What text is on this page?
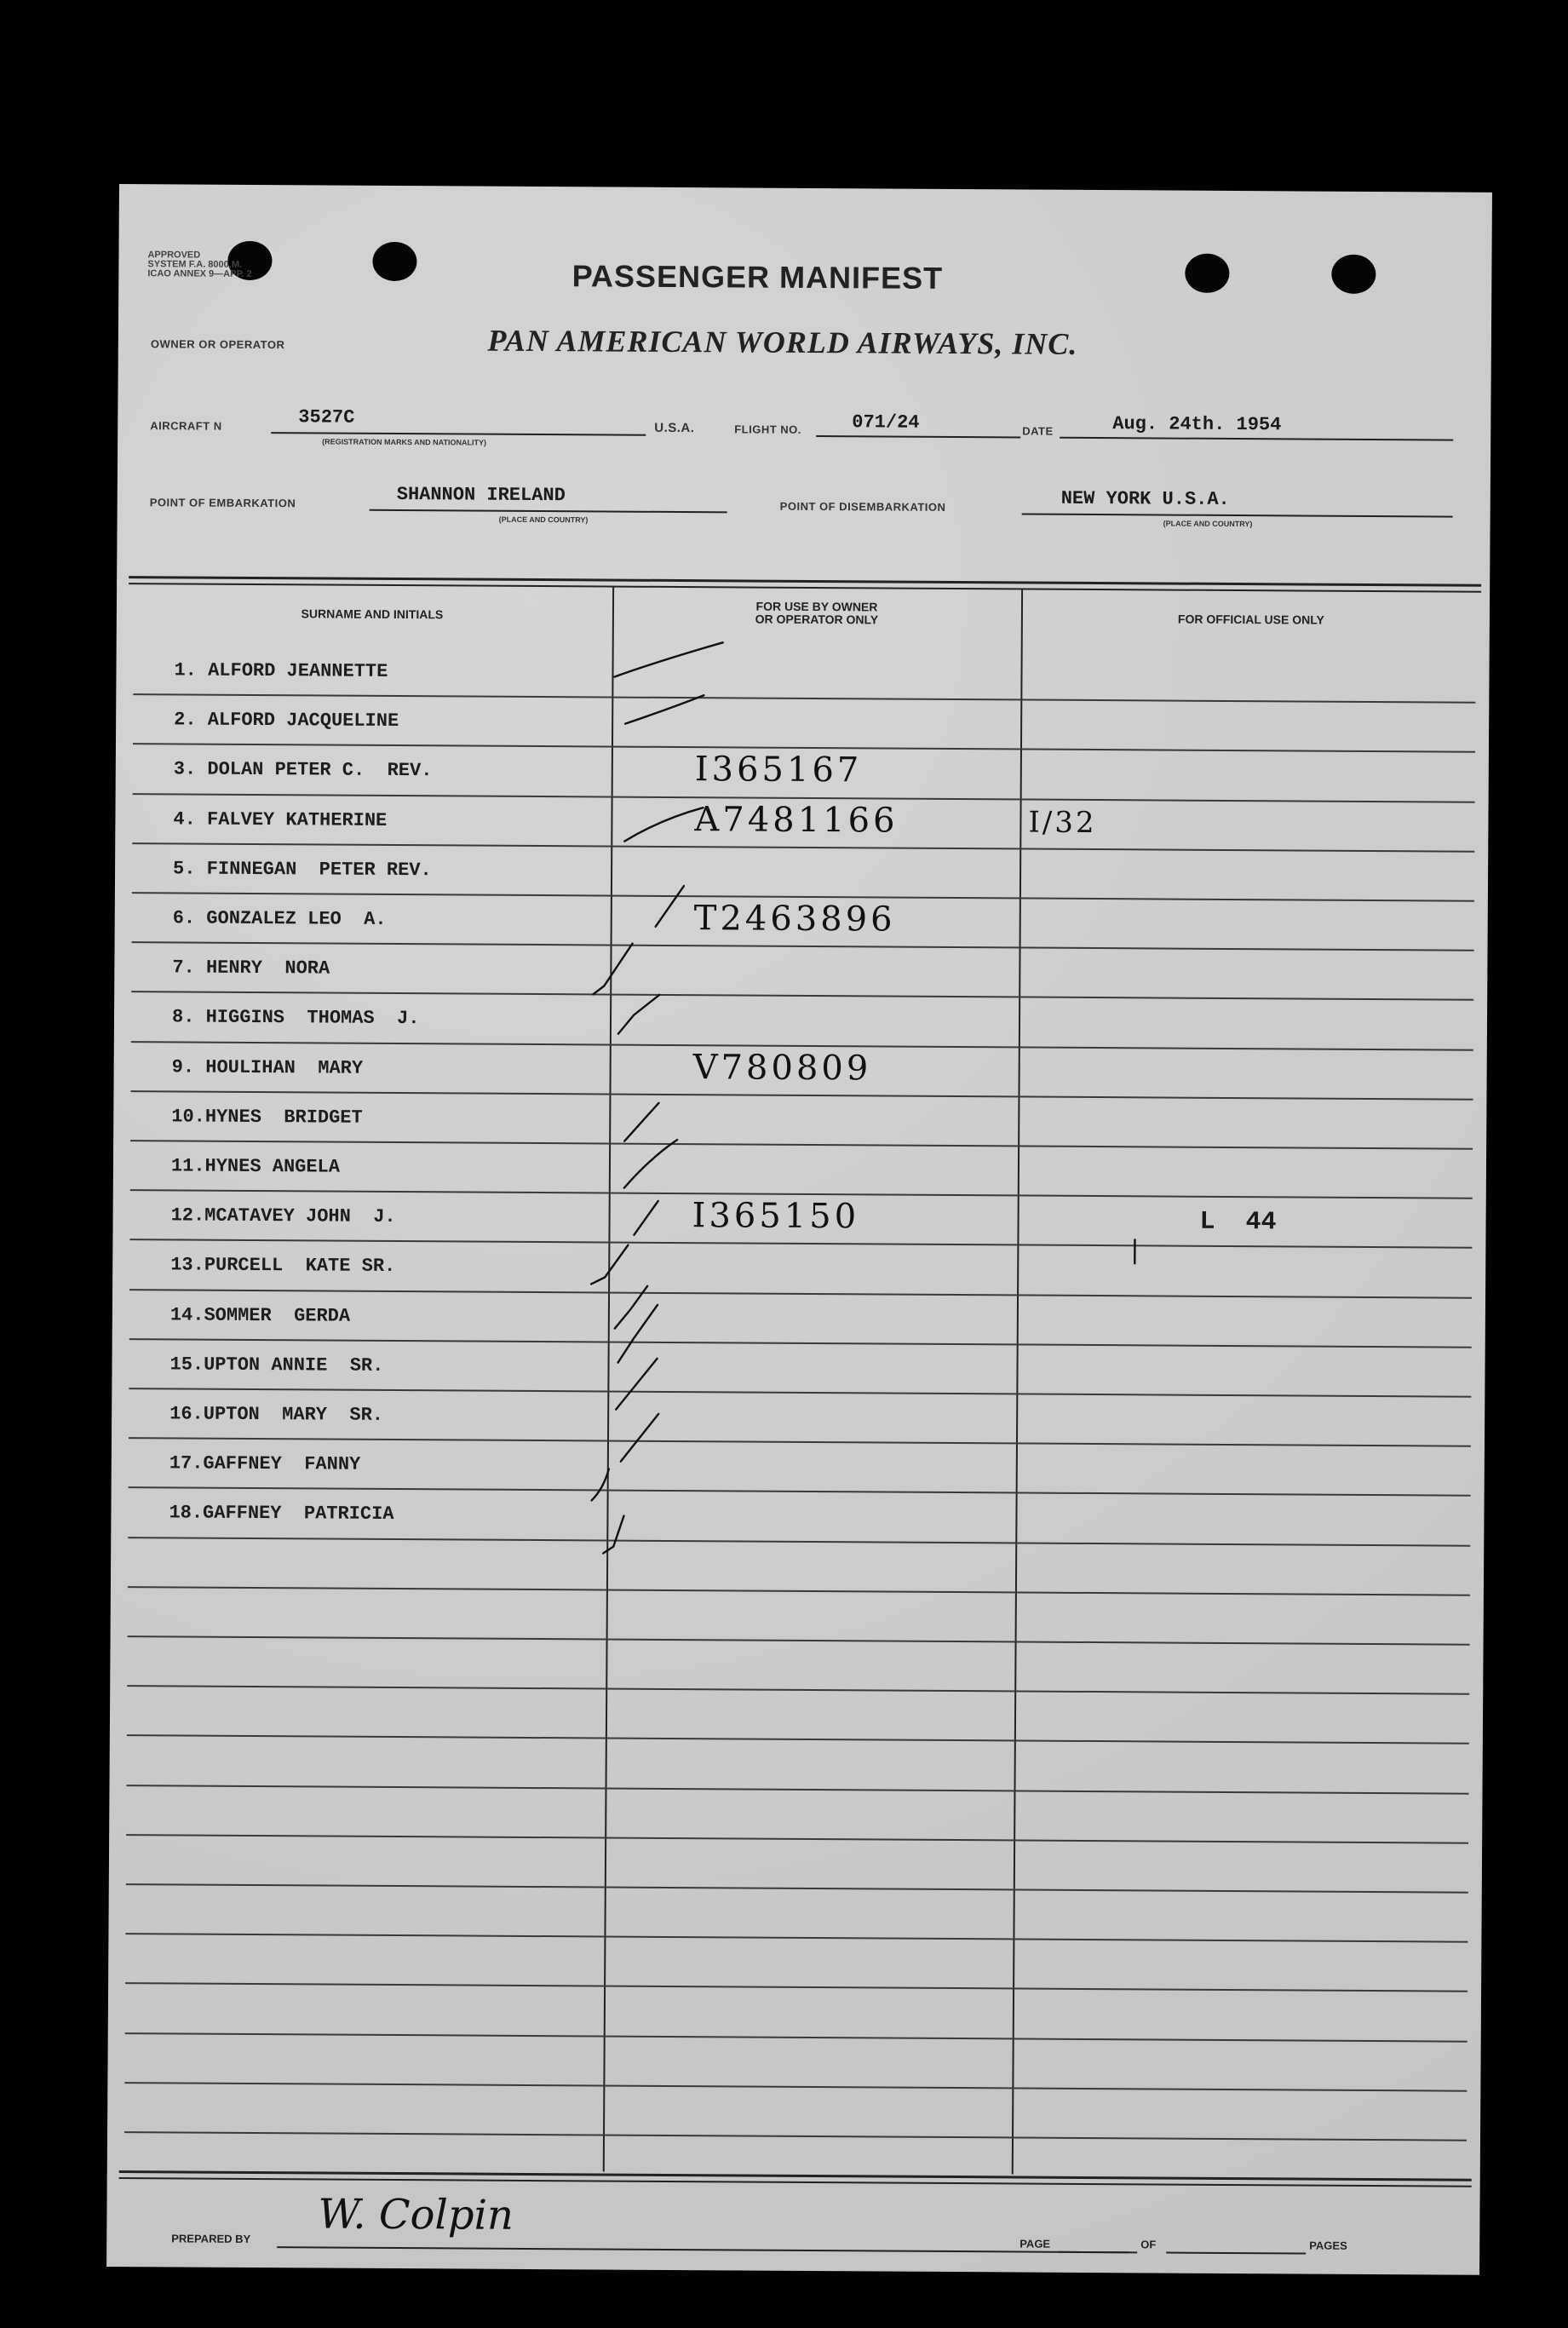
APPROVED
SYSTEM F.A. 8000.M.
ICAO ANNEX 9—APP. 2	PASSENGER MANIFEST
OWNER OR OPERATOR	PAN AMERICAN WORLD AIRWAYS, INC.
AIRCRAFT N	3527C
(REGISTRATION MARKS AND NATIONALITY)
U.S.A.	FLIGHT NO.	071/24	DATE	Aug. 24th. 1954
POINT OF EMBARKATION	SHANNON IRELAND
(PLACE AND COUNTRY)
POINT OF DISEMBARKATION	NEW YORK U.S.A.
(PLACE AND COUNTRY)
SURNAME AND INITIALS
FOR USE BY OWNER
OR OPERATOR ONLY	FOR OFFICIAL USE ONLY
1. ALFORD JEANNETTE
2. ALFORD JACQUELINE
3. DOLAN PETER C.  REV.	I365167
4. FALVEY KATHERINE	A7481166	I/32
5. FINNEGAN  PETER REV.
6. GONZALEZ LEO  A.	T2463896
7. HENRY  NORA
8. HIGGINS  THOMAS  J.
9. HOULIHAN  MARY	V780809
10.HYNES  BRIDGET
11.HYNES ANGELA
12.MCATAVEY JOHN  J.	I365150	L  44
13.PURCELL  KATE SR.
14.SOMMER  GERDA
15.UPTON ANNIE  SR.
16.UPTON  MARY  SR.
17.GAFFNEY  FANNY
18.GAFFNEY  PATRICIA
PREPARED BY W. Colpin
PAGE	OF	PAGES
